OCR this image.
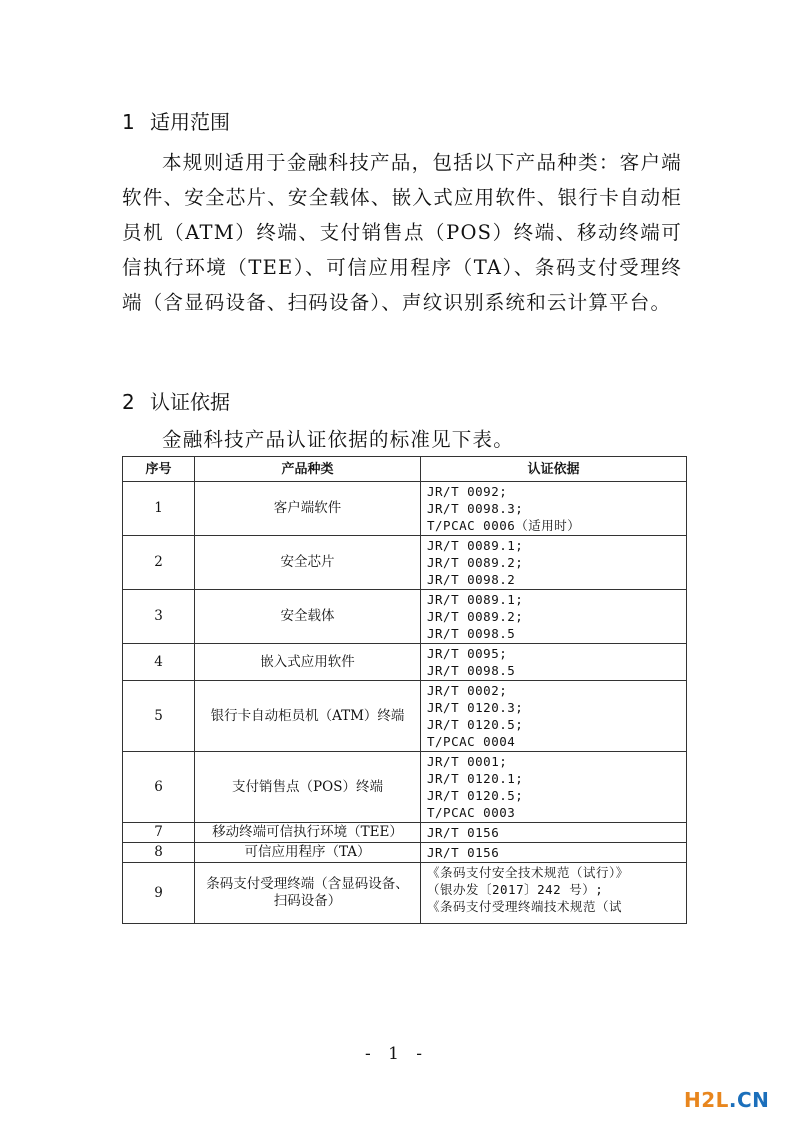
1 适用范围
本规则适用于金融科技产品，包括以下产品种类：客户端软件、安全芯片、安全载体、嵌入式应用软件、银行卡自动柜员机（ATM）终端、支付销售点（POS）终端、移动终端可信执行环境（TEE）、可信应用程序（TA）、条码支付受理终端（含显码设备、扫码设备）、声纹识别系统和云计算平台。
2 认证依据
金融科技产品认证依据的标准见下表。
序号	产品种类	认证依据
1	客户端软件	JR/T 0092;
JR/T 0098.3;
T/PCAC 0006（适用时）

2	安全芯片	JR/T 0089.1;
JR/T 0089.2;
JR/T 0098.2

3	安全载体	JR/T 0089.1;
JR/T 0089.2;
JR/T 0098.5

4	嵌入式应用软件	JR/T 0095;
JR/T 0098.5

5	银行卡自动柜员机（ATM）终端	JR/T 0002;
JR/T 0120.3;
JR/T 0120.5;
T/PCAC 0004

6	支付销售点（POS）终端	JR/T 0001;
JR/T 0120.1;
JR/T 0120.5;
T/PCAC 0003

7	移动终端可信执行环境（TEE）	JR/T 0156

8	可信应用程序（TA）	JR/T 0156

9	条码支付受理终端（含显码设备、扫码设备）	《条码支付安全技术规范（试行）》
（银办发〔2017〕242 号）;
《条码支付受理终端技术规范（试
- 1 -
H2L.CN
